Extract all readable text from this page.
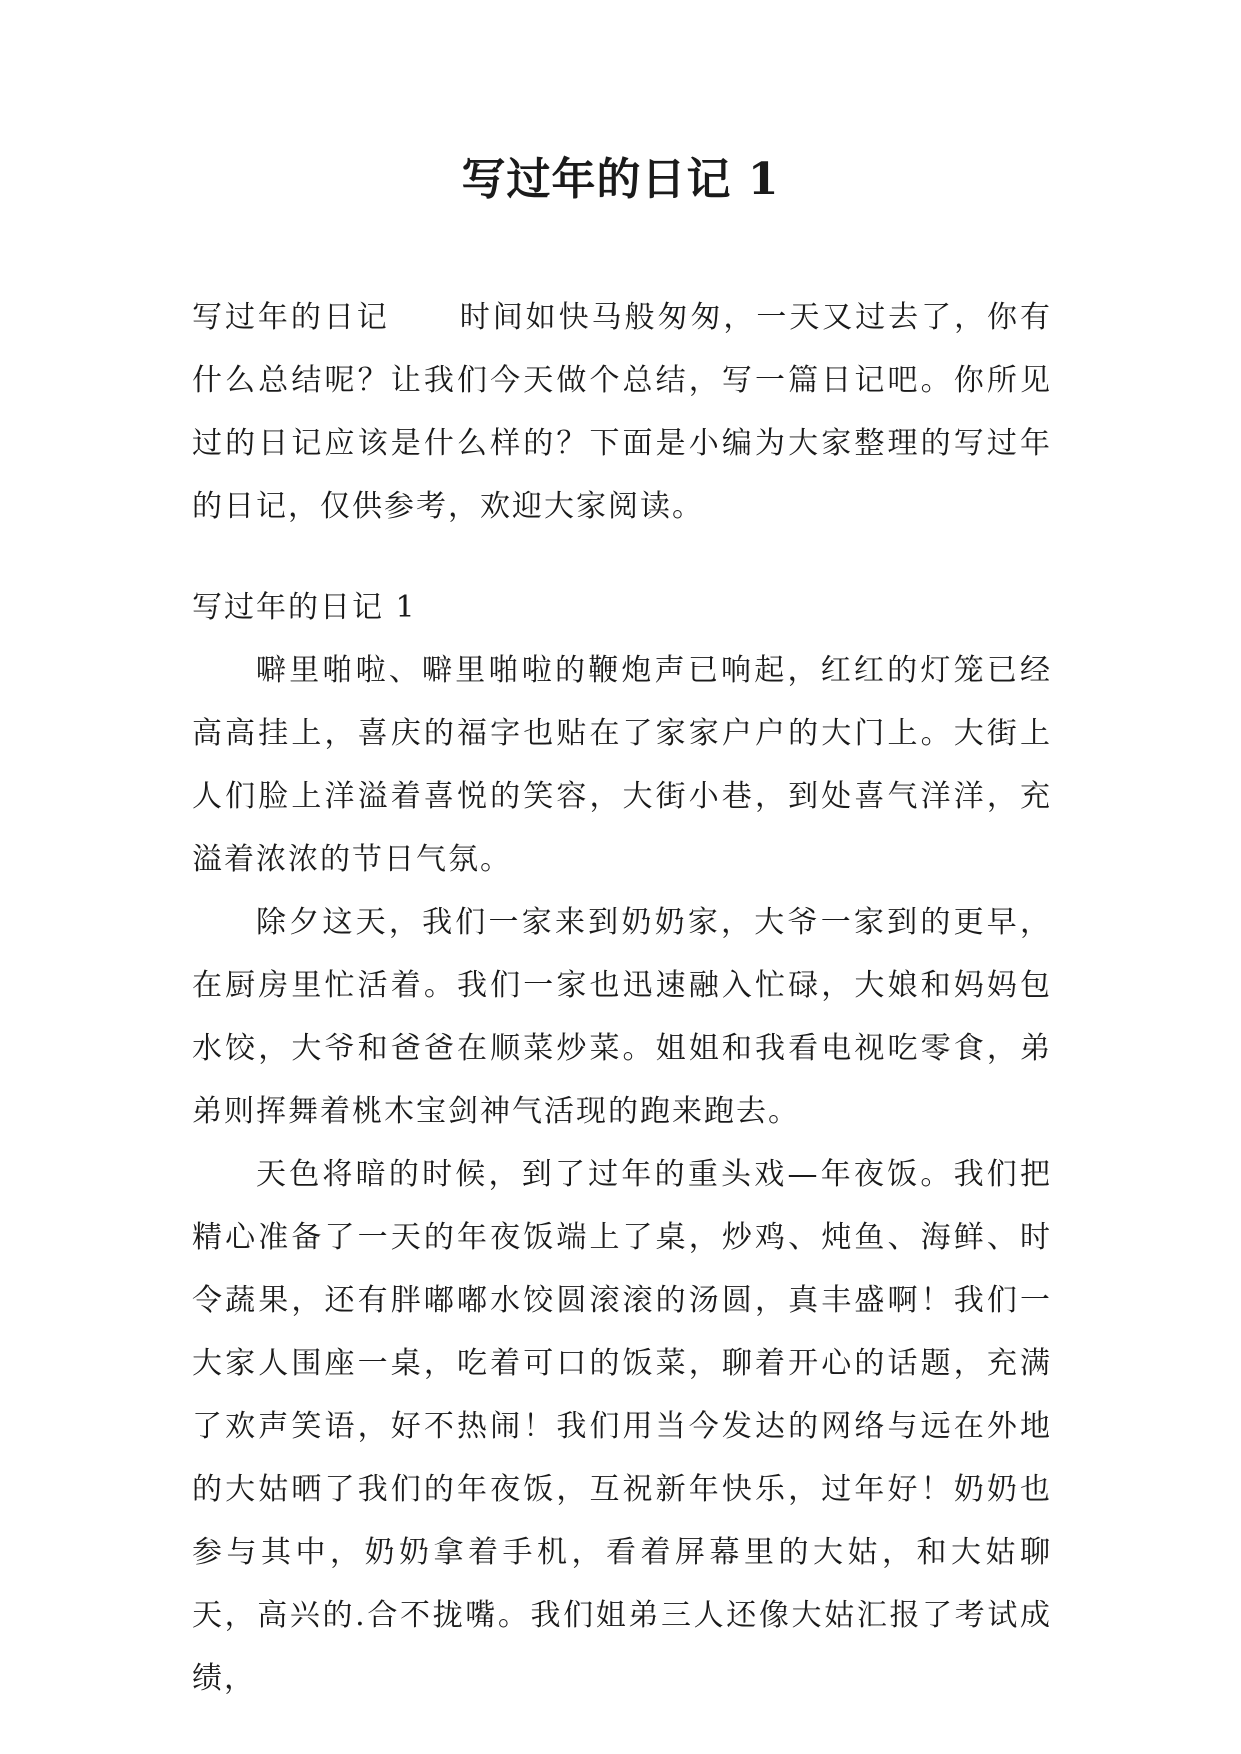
写过年的日记 1
写过年的日记 时间如快马般匆匆，一天又过去了，你有什么总结呢？让我们今天做个总结，写一篇日记吧。你所见过的日记应该是什么样的？下面是小编为大家整理的写过年的日记，仅供参考，欢迎大家阅读。
写过年的日记 1

噼里啪啦、噼里啪啦的鞭炮声已响起，红红的灯笼已经高高挂上，喜庆的福字也贴在了家家户户的大门上。大街上人们脸上洋溢着喜悦的笑容，大街小巷，到处喜气洋洋，充溢着浓浓的节日气氛。

除夕这天，我们一家来到奶奶家，大爷一家到的更早，在厨房里忙活着。我们一家也迅速融入忙碌，大娘和妈妈包水饺，大爷和爸爸在顺菜炒菜。姐姐和我看电视吃零食，弟弟则挥舞着桃木宝剑神气活现的跑来跑去。

天色将暗的时候，到了过年的重头戏—年夜饭。我们把精心准备了一天的年夜饭端上了桌，炒鸡、炖鱼、海鲜、时令蔬果，还有胖嘟嘟水饺圆滚滚的汤圆，真丰盛啊！我们一大家人围座一桌，吃着可口的饭菜，聊着开心的话题，充满了欢声笑语，好不热闹！我们用当今发达的网络与远在外地的大姑晒了我们的年夜饭，互祝新年快乐，过年好！奶奶也参与其中，奶奶拿着手机，看着屏幕里的大姑，和大姑聊天，高兴的.合不拢嘴。我们姐弟三人还像大姑汇报了考试成绩，
